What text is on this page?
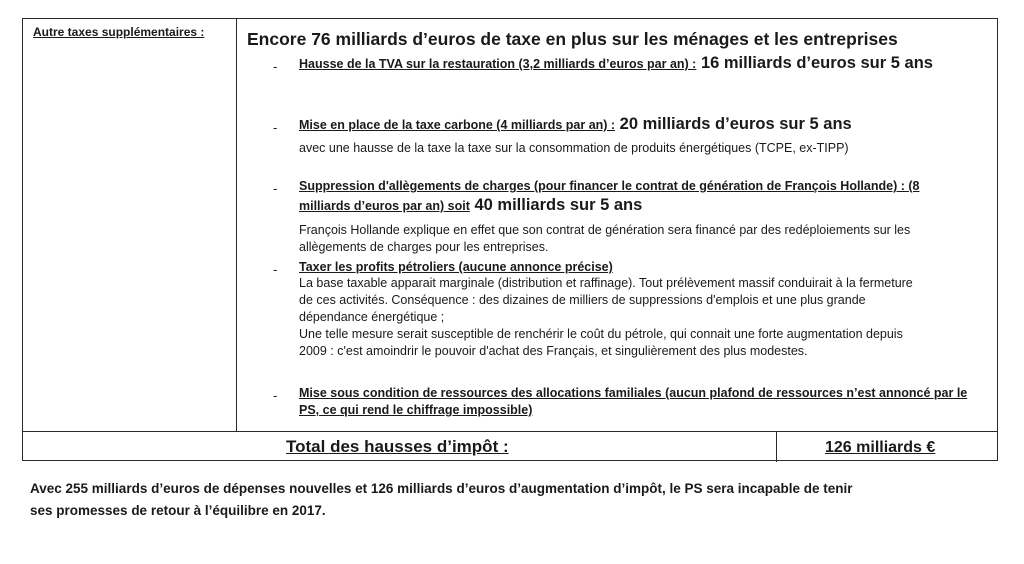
Autre taxes supplémentaires : Encore 76 milliards d’euros de taxe en plus sur les ménages et les entreprises
- Hausse de la TVA sur la restauration (3,2 milliards d’euros par an) : 16 milliards d’euros sur 5 ans
- Mise en place de la taxe carbone (4 milliards par an) : 20 milliards d’euros sur 5 ans
avec une hausse de la taxe la taxe sur la consommation de produits énergétiques (TCPE, ex-TIPP)
- Suppression d'allègements de charges (pour financer le contrat de génération de François Hollande) : (8
milliards d’euros par an) soit 40 milliards sur 5 ans
François Hollande explique en effet que son contrat de génération sera financé par des redéploiements sur les
allègements de charges pour les entreprises.
- Taxer les profits pétroliers (aucune annonce précise)
La base taxable apparait marginale (distribution et raffinage). Tout prélèvement massif conduirait à la fermeture
de ces activités. Conséquence : des dizaines de milliers de suppressions d'emplois et une plus grande
dépendance énergétique ;
Une telle mesure serait susceptible de renchérir le coût du pétrole, qui connait une forte augmentation depuis
2009 : c'est amoindrir le pouvoir d'achat des Français, et singulièrement des plus modestes.
- Mise sous condition de ressources des allocations familiales (aucun plafond de ressources n’est annoncé par le
PS, ce qui rend le chiffrage impossible)
Total des hausses d’impôt :	126 milliards €
Avec 255 milliards d’euros de dépenses nouvelles et 126 milliards d’euros d’augmentation d’impôt, le PS sera incapable de tenir
ses promesses de retour à l’équilibre en 2017.
